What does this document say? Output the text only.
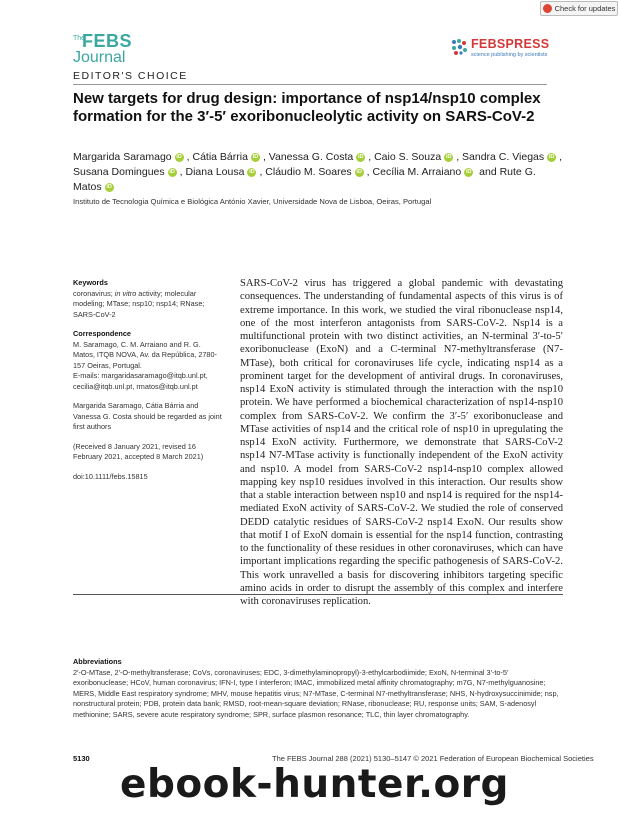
Check for updates
The
FEBS
Journal
FEBSPRESS
science publishing by scientists
EDITOR'S CHOICE
New targets for drug design: importance of nsp14/nsp10 complex formation for the 3′-5′ exoribonucleolytic activity on SARS-CoV-2
Margarida Saramago iD , Cátia Bárria iD , Vanessa G. Costa iD , Caio S. Souza iD , Sandra C. Viegas iD , Susana Domingues iD , Diana Lousa iD , Cláudio M. Soares iD , Cecília M. Arraiano iD and Rute G. Matos iD
Instituto de Tecnologia Química e Biológica António Xavier, Universidade Nova de Lisboa, Oeiras, Portugal

Keywords

coronavirus; in vitro activity; molecular modeling; MTase; nsp10; nsp14; RNase; SARS-CoV-2

Correspondence

M. Saramago, C. M. Arraiano and R. G. Matos, ITQB NOVA, Av. da República, 2780-157 Oeiras, Portugal.

E-mails: margaridasaramago@itqb.unl.pt, cecilia@itqb.unl.pt, rmatos@itqb.unl.pt

Margarida Saramago, Cátia Bárria and Vanessa G. Costa should be regarded as joint first authors

(Received 8 January 2021, revised 16 February 2021, accepted 8 March 2021)

doi:10.1111/febs.15815

SARS-CoV-2 virus has triggered a global pandemic with devastating consequences. The understanding of fundamental aspects of this virus is of extreme importance. In this work, we studied the viral ribonuclease nsp14, one of the most interferon antagonists from SARS-CoV-2. Nsp14 is a multifunctional protein with two distinct activities, an N-terminal 3′-to-5′ exoribonuclease (ExoN) and a C-terminal N7-methyltransferase (N7-MTase), both critical for coronaviruses life cycle, indicating nsp14 as a prominent target for the development of antiviral drugs. In coronaviruses, nsp14 ExoN activity is stimulated through the interaction with the nsp10 protein. We have performed a biochemical characterization of nsp14-nsp10 complex from SARS-CoV-2. We confirm the 3′-5′ exoribonuclease and MTase activities of nsp14 and the critical role of nsp10 in upregulating the nsp14 ExoN activity. Furthermore, we demonstrate that SARS-CoV-2 nsp14 N7-MTase activity is functionally independent of the ExoN activity and nsp10. A model from SARS-CoV-2 nsp14-nsp10 complex allowed mapping key nsp10 residues involved in this interaction. Our results show that a stable interaction between nsp10 and nsp14 is required for the nsp14-mediated ExoN activity of SARS-CoV-2. We studied the role of conserved DEDD catalytic residues of SARS-CoV-2 nsp14 ExoN. Our results show that motif I of ExoN domain is essential for the nsp14 function, contrasting to the functionality of these residues in other coronaviruses, which can have important implications regarding the specific pathogenesis of SARS-CoV-2. This work unravelled a basis for discovering inhibitors targeting specific amino acids in order to disrupt the assembly of this complex and interfere with coronaviruses replication.
Abbreviations
2′-O-MTase, 2′-O-methyltransferase; CoVs, coronaviruses; EDC, 3-dimethylaminopropyl)-3-ethylcarbodiimide; ExoN, N-terminal 3′-to-5′ exoribonuclease; HCoV, human coronavirus; IFN-I, type I interferon; IMAC, immobilized metal affinity chromatography; m7G, N7-methylguanosine; MERS, Middle East respiratory syndrome; MHV, mouse hepatitis virus; N7-MTase, C-terminal N7-methyltransferase; NHS, N-hydroxysuccinimide; nsp, nonstructural protein; PDB, protein data bank; RMSD, root-mean-square deviation; RNase, ribonuclease; RU, response units; SAM, S-adenosyl methionine; SARS, severe acute respiratory syndrome; SPR, surface plasmon resonance; TLC, thin layer chromatography.
5130	The FEBS Journal 288 (2021) 5130–5147 © 2021 Federation of European Biochemical Societies
ebook-hunter.org
